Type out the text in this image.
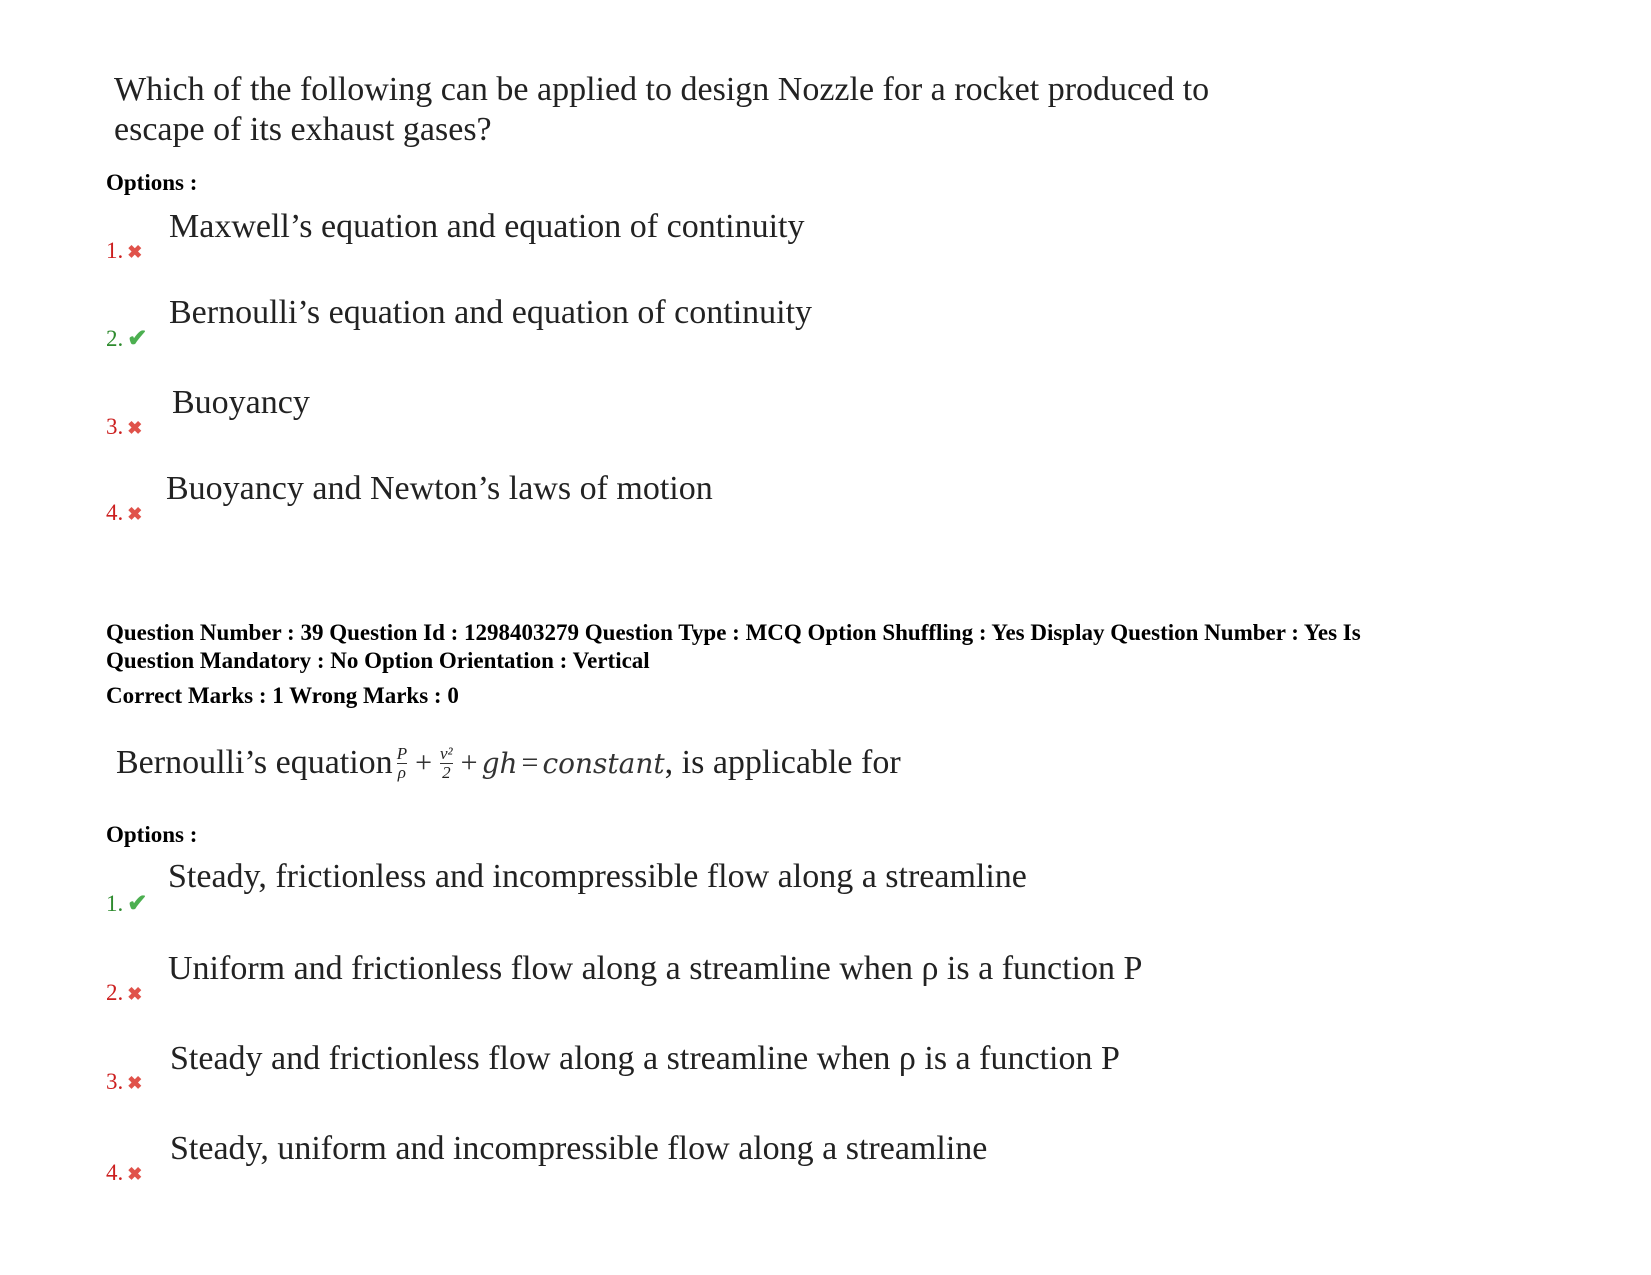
Which of the following can be applied to design Nozzle for a rocket produced to
escape of its exhaust gases?
Options :
1. ✖
Maxwell’s equation and equation of continuity
2. ✔
Bernoulli’s equation and equation of continuity
3. ✖
Buoyancy
4. ✖
Buoyancy and Newton’s laws of motion
Question Number : 39 Question Id : 1298403279 Question Type : MCQ Option Shuffling : Yes Display Question Number : Yes Is
Question Mandatory : No Option Orientation : Vertical
Correct Marks : 1 Wrong Marks : 0
Bernoulli’s equation $\frac{P}{\rho} + \frac{\text{v²}}{2}$ + gh = constant , is applicable for
Options :
1. ✔
Steady, frictionless and incompressible flow along a streamline
2. ✖
Uniform and frictionless flow along a streamline when ρ is a function P
3. ✖
Steady and frictionless flow along a streamline when ρ is a function P
4. ✖
Steady, uniform and incompressible flow along a streamline
